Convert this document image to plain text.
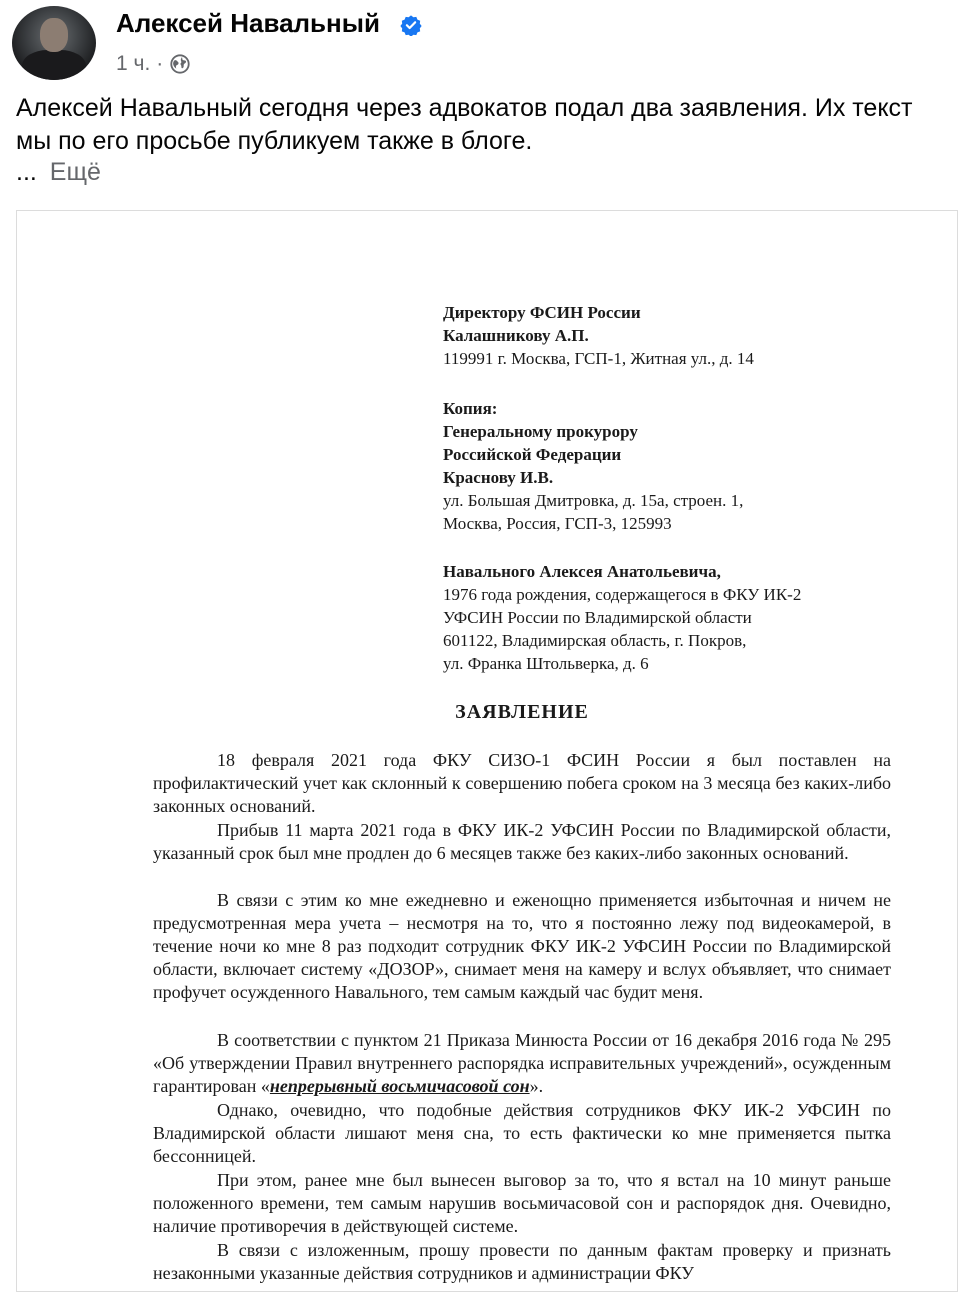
Алексей Навальный
1 ч. ·
Алексей Навальный сегодня через адвокатов подал два заявления. Их текст мы по его просьбе публикуем также в блоге.
... Ещё
Директору ФСИН России
Калашникову А.П.
119991 г. Москва, ГСП-1, Житная ул., д. 14
Копия:
Генеральному прокурору
Российской Федерации
Краснову И.В.
ул. Большая Дмитровка, д. 15а, строен. 1,
Москва, Россия, ГСП-3, 125993
Навального Алексея Анатольевича,
1976 года рождения, содержащегося в ФКУ ИК-2
УФСИН России по Владимирской области
601122, Владимирская область, г. Покров,
ул. Франка Штольверка, д. 6
ЗАЯВЛЕНИЕ
18 февраля 2021 года ФКУ СИЗО-1 ФСИН России я был поставлен на профилактический учет как склонный к совершению побега сроком на 3 месяца без каких-либо законных оснований.
Прибыв 11 марта 2021 года в ФКУ ИК-2 УФСИН России по Владимирской области, указанный срок был мне продлен до 6 месяцев также без каких-либо законных оснований.
В связи с этим ко мне ежедневно и еженощно применяется избыточная и ничем не предусмотренная мера учета – несмотря на то, что я постоянно лежу под видеокамерой, в течение ночи ко мне 8 раз подходит сотрудник ФКУ ИК-2 УФСИН России по Владимирской области, включает систему «ДОЗОР», снимает меня на камеру и вслух объявляет, что снимает профучет осужденного Навального, тем самым каждый час будит меня.
В соответствии с пунктом 21 Приказа Минюста России от 16 декабря 2016 года № 295 «Об утверждении Правил внутреннего распорядка исправительных учреждений», осужденным гарантирован «непрерывный восьмичасовой сон».
Однако, очевидно, что подобные действия сотрудников ФКУ ИК-2 УФСИН по Владимирской области лишают меня сна, то есть фактически ко мне применяется пытка бессонницей.
При этом, ранее мне был вынесен выговор за то, что я встал на 10 минут раньше положенного времени, тем самым нарушив восьмичасовой сон и распорядок дня. Очевидно, наличие противоречия в действующей системе.
В связи с изложенным, прошу провести по данным фактам проверку и признать незаконными указанные действия сотрудников и администрации ФКУ
